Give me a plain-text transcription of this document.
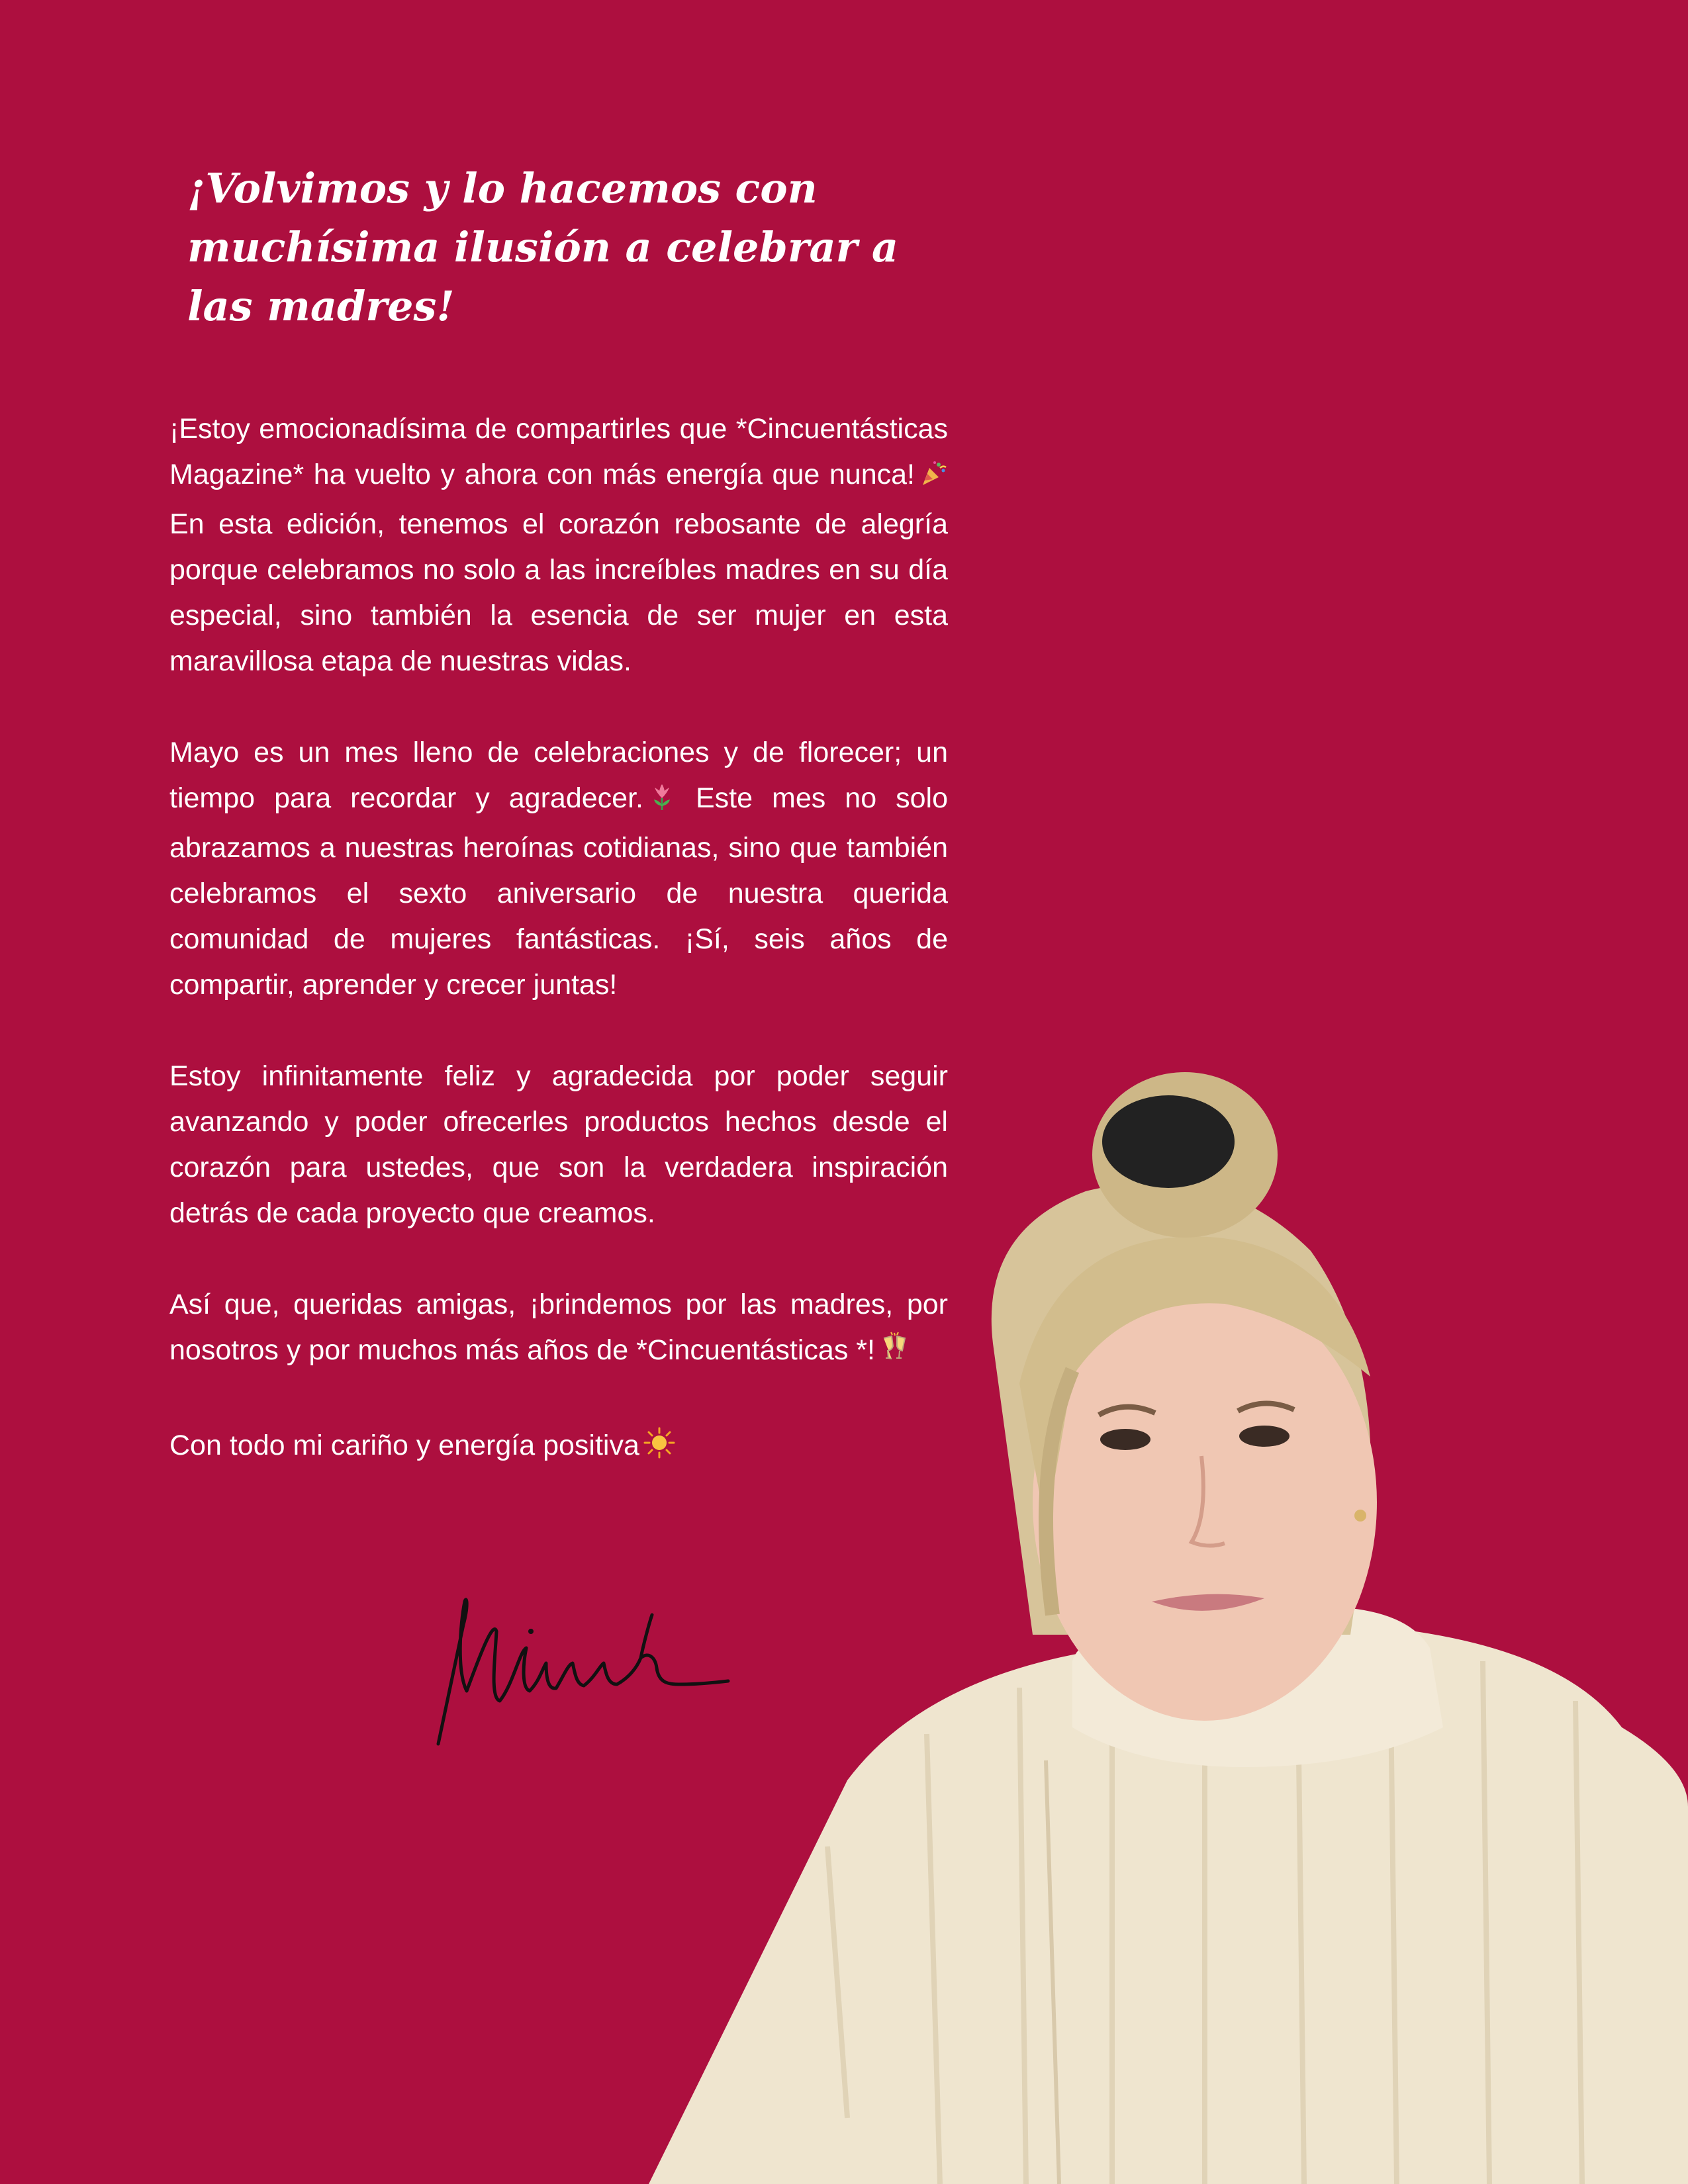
¡Volvimos y lo hacemos con muchísima ilusión a celebrar a las madres!

¡Estoy emocionadísima de compartirles que *Cincuentásticas Magazine* ha vuelto y ahora con más energía que nunca! En esta edición, tenemos el corazón rebosante de alegría porque celebramos no solo a las increíbles madres en su día especial, sino también la esencia de ser mujer en esta maravillosa etapa de nuestras vidas.

Mayo es un mes lleno de celebraciones y de florecer; un tiempo para recordar y agradecer. Este mes no solo abrazamos a nuestras heroínas cotidianas, sino que también celebramos el sexto aniversario de nuestra querida comunidad de mujeres fantásticas. ¡Sí, seis años de compartir, aprender y crecer juntas!

Estoy infinitamente feliz y agradecida por poder seguir avanzando y poder ofrecerles productos hechos desde el corazón para ustedes, que son la verdadera inspiración detrás de cada proyecto que creamos.

Así que, queridas amigas, ¡brindemos por las madres, por nosotros y por muchos más años de *Cincuentásticas *!

Con todo mi cariño y energía positiva
